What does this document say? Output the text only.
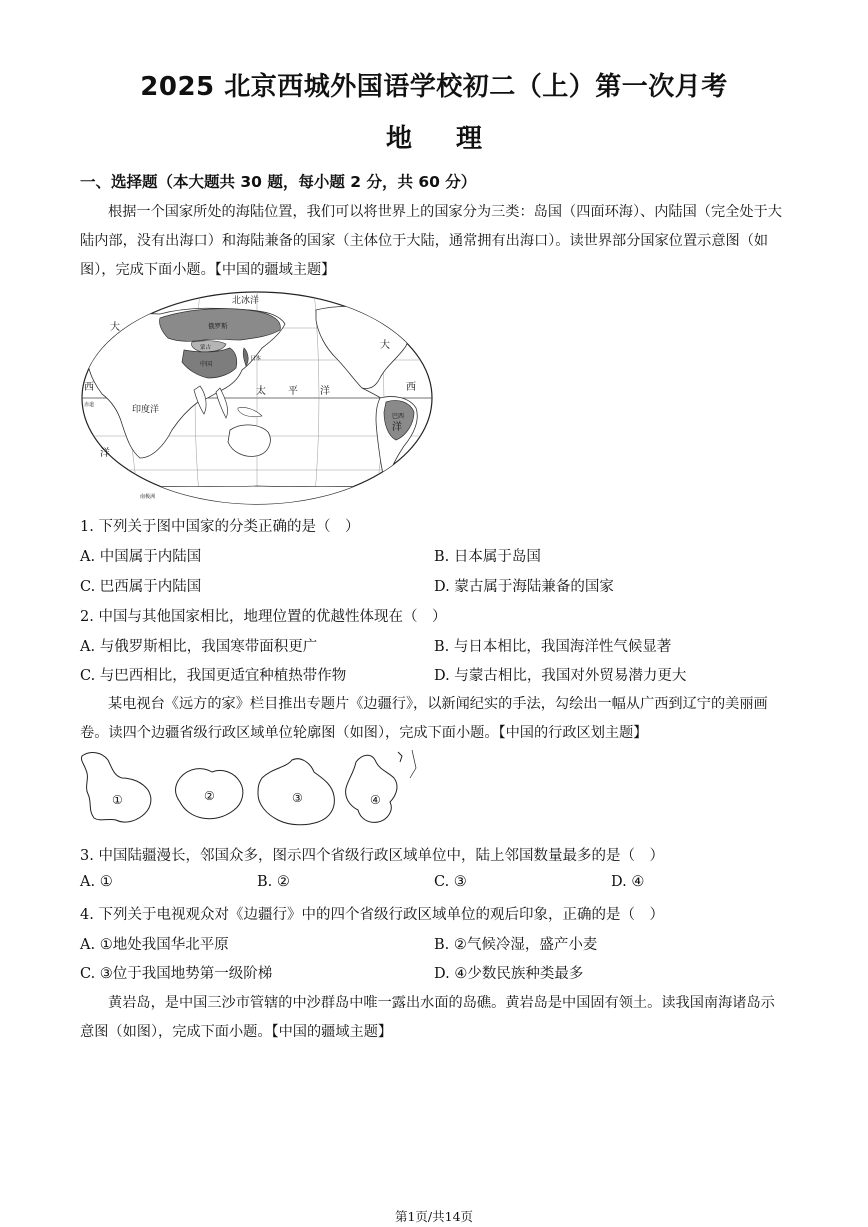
2025 北京西城外国语学校初二（上）第一次月考
地理
一、选择题（本大题共 30 题，每小题 2 分，共 60 分）
根据一个国家所处的海陆位置，我们可以将世界上的国家分为三类：岛国（四面环海）、内陆国（完全处于大陆内部，没有出海口）和海陆兼备的国家（主体位于大陆，通常拥有出海口）。读世界部分国家位置示意图（如图），完成下面小题。【中国的疆域主题】
北冰洋
大
大
西	西
洋
洋
太 平 洋
印度洋
俄罗斯
蒙古
中国
日本
巴西
赤道
南极洲
1. 下列关于图中国家的分类正确的是（　）
A. 中国属于内陆国	B. 日本属于岛国
C. 巴西属于内陆国	D. 蒙古属于海陆兼备的国家
2. 中国与其他国家相比，地理位置的优越性体现在（　）
A. 与俄罗斯相比，我国寒带面积更广	B. 与日本相比，我国海洋性气候显著
C. 与巴西相比，我国更适宜种植热带作物	D. 与蒙古相比，我国对外贸易潜力更大
某电视台《远方的家》栏目推出专题片《边疆行》，以新闻纪实的手法，勾绘出一幅从广西到辽宁的美丽画卷。读四个边疆省级行政区域单位轮廓图（如图），完成下面小题。【中国的行政区划主题】
①	②	③	④
3. 中国陆疆漫长，邻国众多，图示四个省级行政区域单位中，陆上邻国数量最多的是（　）
A. ①	B. ②	C. ③	D. ④
4. 下列关于电视观众对《边疆行》中的四个省级行政区域单位的观后印象，正确的是（　）
A. ①地处我国华北平原	B. ②气候冷湿，盛产小麦
C. ③位于我国地势第一级阶梯	D. ④少数民族种类最多
黄岩岛，是中国三沙市管辖的中沙群岛中唯一露出水面的岛礁。黄岩岛是中国固有领土。读我国南海诸岛示意图（如图），完成下面小题。【中国的疆域主题】
第1页/共14页
